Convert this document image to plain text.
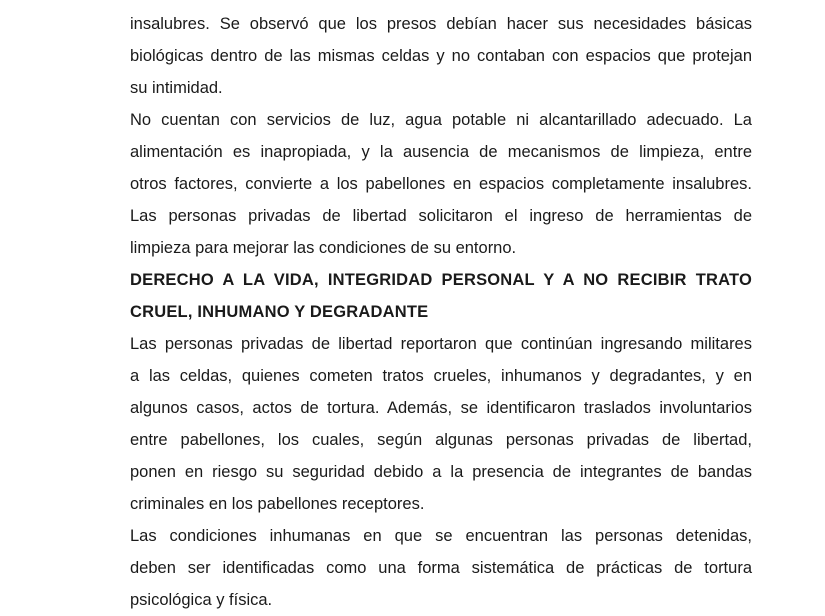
insalubres. Se observó que los presos debían hacer sus necesidades básicas
biológicas dentro de las mismas celdas y no contaban con espacios que protejan
su intimidad.
No cuentan con servicios de luz, agua potable ni alcantarillado adecuado. La
alimentación es inapropiada, y la ausencia de mecanismos de limpieza, entre
otros factores, convierte a los pabellones en espacios completamente insalubres.
Las personas privadas de libertad solicitaron el ingreso de herramientas de
limpieza para mejorar las condiciones de su entorno.
DERECHO A LA VIDA, INTEGRIDAD PERSONAL Y A NO RECIBIR TRATO
CRUEL, INHUMANO Y DEGRADANTE
Las personas privadas de libertad reportaron que continúan ingresando militares
a las celdas, quienes cometen tratos crueles, inhumanos y degradantes, y en
algunos casos, actos de tortura. Además, se identificaron traslados involuntarios
entre pabellones, los cuales, según algunas personas privadas de libertad,
ponen en riesgo su seguridad debido a la presencia de integrantes de bandas
criminales en los pabellones receptores.
Las condiciones inhumanas en que se encuentran las personas detenidas,
deben ser identificadas como una forma sistemática de prácticas de tortura
psicológica y física.
